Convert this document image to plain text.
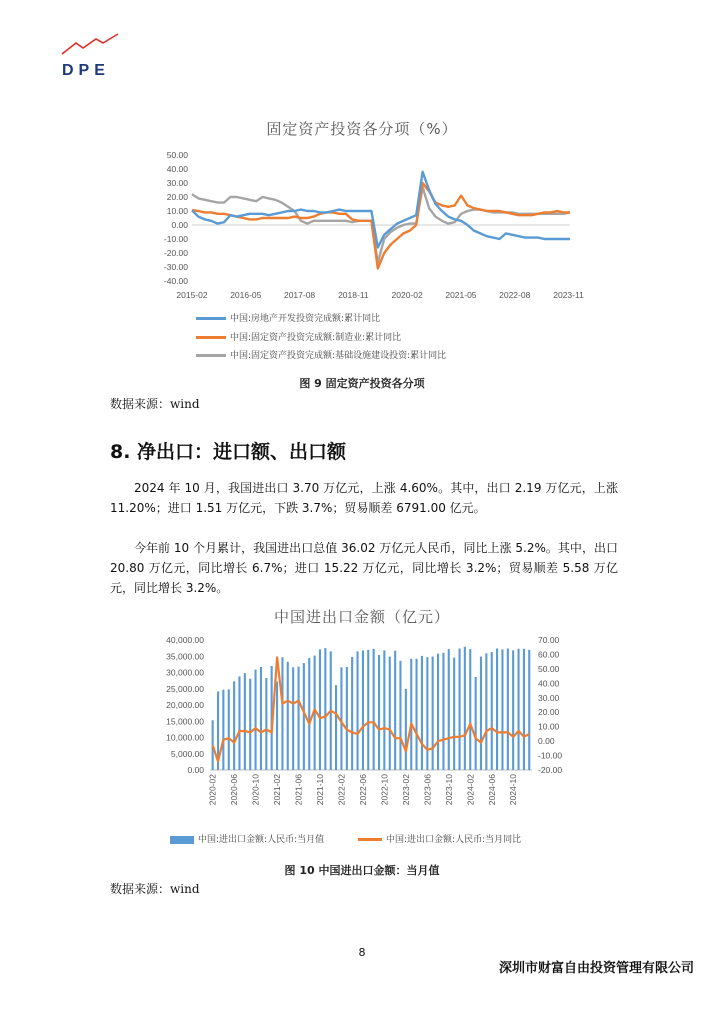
DPE
固定资产投资各分项（%）
50.00
40.00
30.00
20.00
10.00
0.00
-10.00
-20.00
-30.00
-40.00
2015-02	2016-05	2017-08	2018-11	2020-02	2021-05	2022-08	2023-11
中国:房地产开发投资完成额:累计同比
中国:固定资产投资完成额:制造业:累计同比
中国:固定资产投资完成额:基础设施建设投资:累计同比
图 9 固定资产投资各分项
数据来源：wind
8. 净出口：进口额、出口额
2024 年 10 月，我国进出口 3.70 万亿元，上涨 4.60%。其中，出口 2.19 万亿元，上涨 11.20%；进口 1.51 万亿元，下跌 3.7%；贸易顺差 6791.00 亿元。
今年前 10 个月累计，我国进出口总值 36.02 万亿元人民币，同比上涨 5.2%。其中，出口 20.80 万亿元，同比增长 6.7%；进口 15.22 万亿元，同比增长 3.2%；贸易顺差 5.58 万亿元，同比增长 3.2%。
中国进出口金额（亿元）
40,000.00
35,000.00
30,000.00
25,000.00
20,000.00
15,000.00
10,000.00
5,000.00
0.00
70.00
60.00
50.00
40.00
30.00
20.00
10.00
0.00
-10.00
-20.00
2020-02 2020-06 2020-10 2021-02 2021-06 2021-10 2022-02 2022-06 2022-10 2023-02 2023-06 2023-10 2024-02 2024-06 2024-10
中国:进出口金额:人民币:当月值	中国:进出口金额:人民币:当月同比
图 10 中国进出口金额：当月值
数据来源：wind
8
深圳市财富自由投资管理有限公司
